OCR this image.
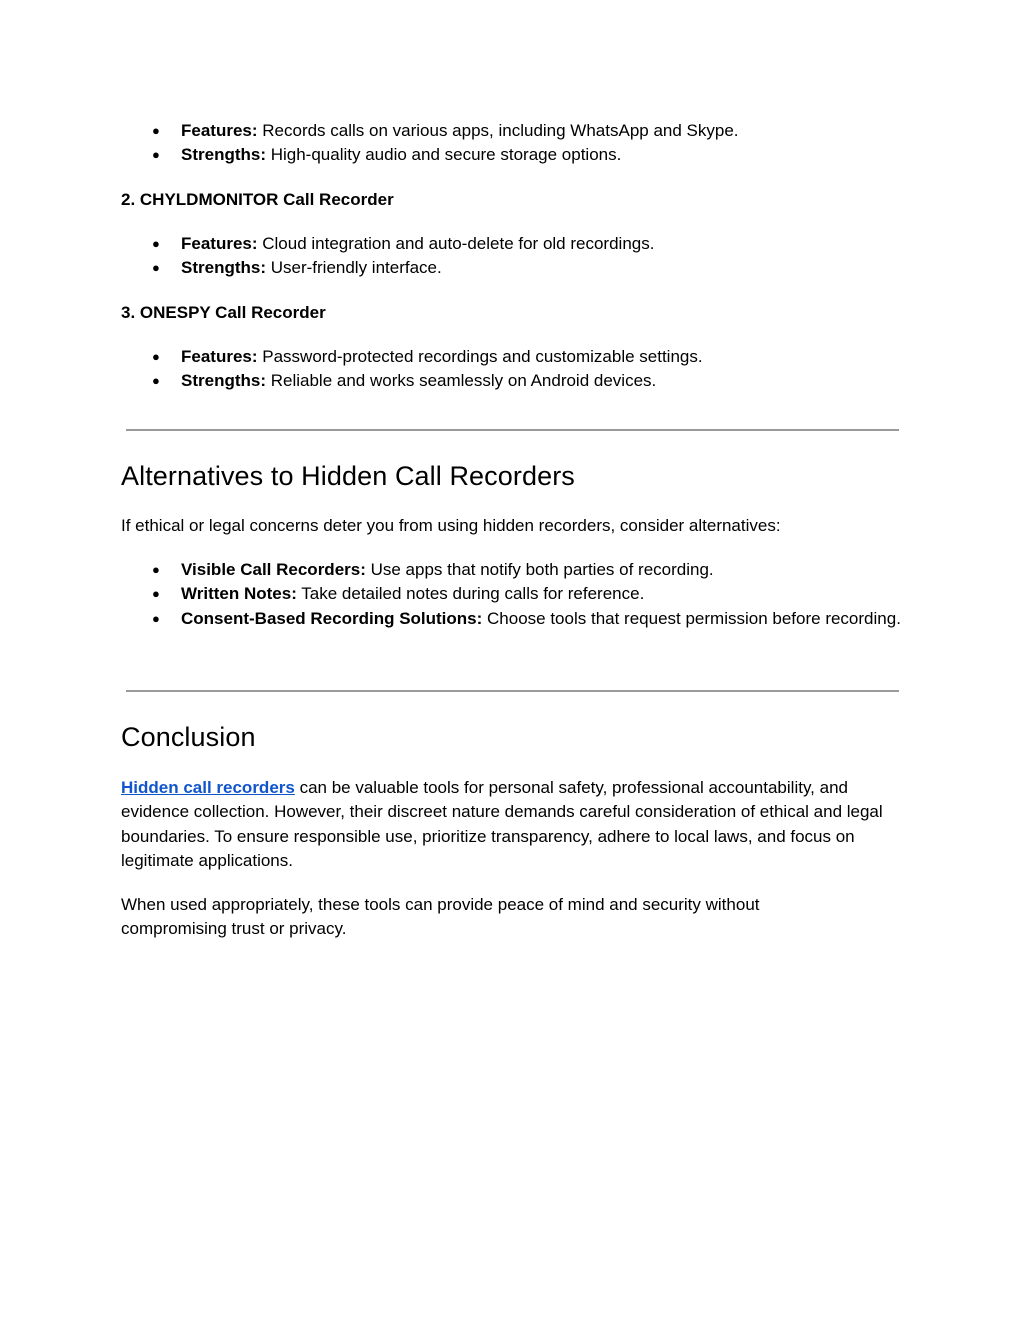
● Features: Records calls on various apps, including WhatsApp and Skype.
● Strengths: High-quality audio and secure storage options.

2. CHYLDMONITOR Call Recorder

● Features: Cloud integration and auto-delete for old recordings.
● Strengths: User-friendly interface.

3. ONESPY Call Recorder

● Features: Password-protected recordings and customizable settings.
● Strengths: Reliable and works seamlessly on Android devices.
Alternatives to Hidden Call Recorders

If ethical or legal concerns deter you from using hidden recorders, consider alternatives:

● Visible Call Recorders: Use apps that notify both parties of recording.
● Written Notes: Take detailed notes during calls for reference.
● Consent-Based Recording Solutions: Choose tools that request permission before recording.
Conclusion

Hidden call recorders can be valuable tools for personal safety, professional accountability, and evidence collection. However, their discreet nature demands careful consideration of ethical and legal boundaries. To ensure responsible use, prioritize transparency, adhere to local laws, and focus on legitimate applications.

When used appropriately, these tools can provide peace of mind and security without compromising trust or privacy.
